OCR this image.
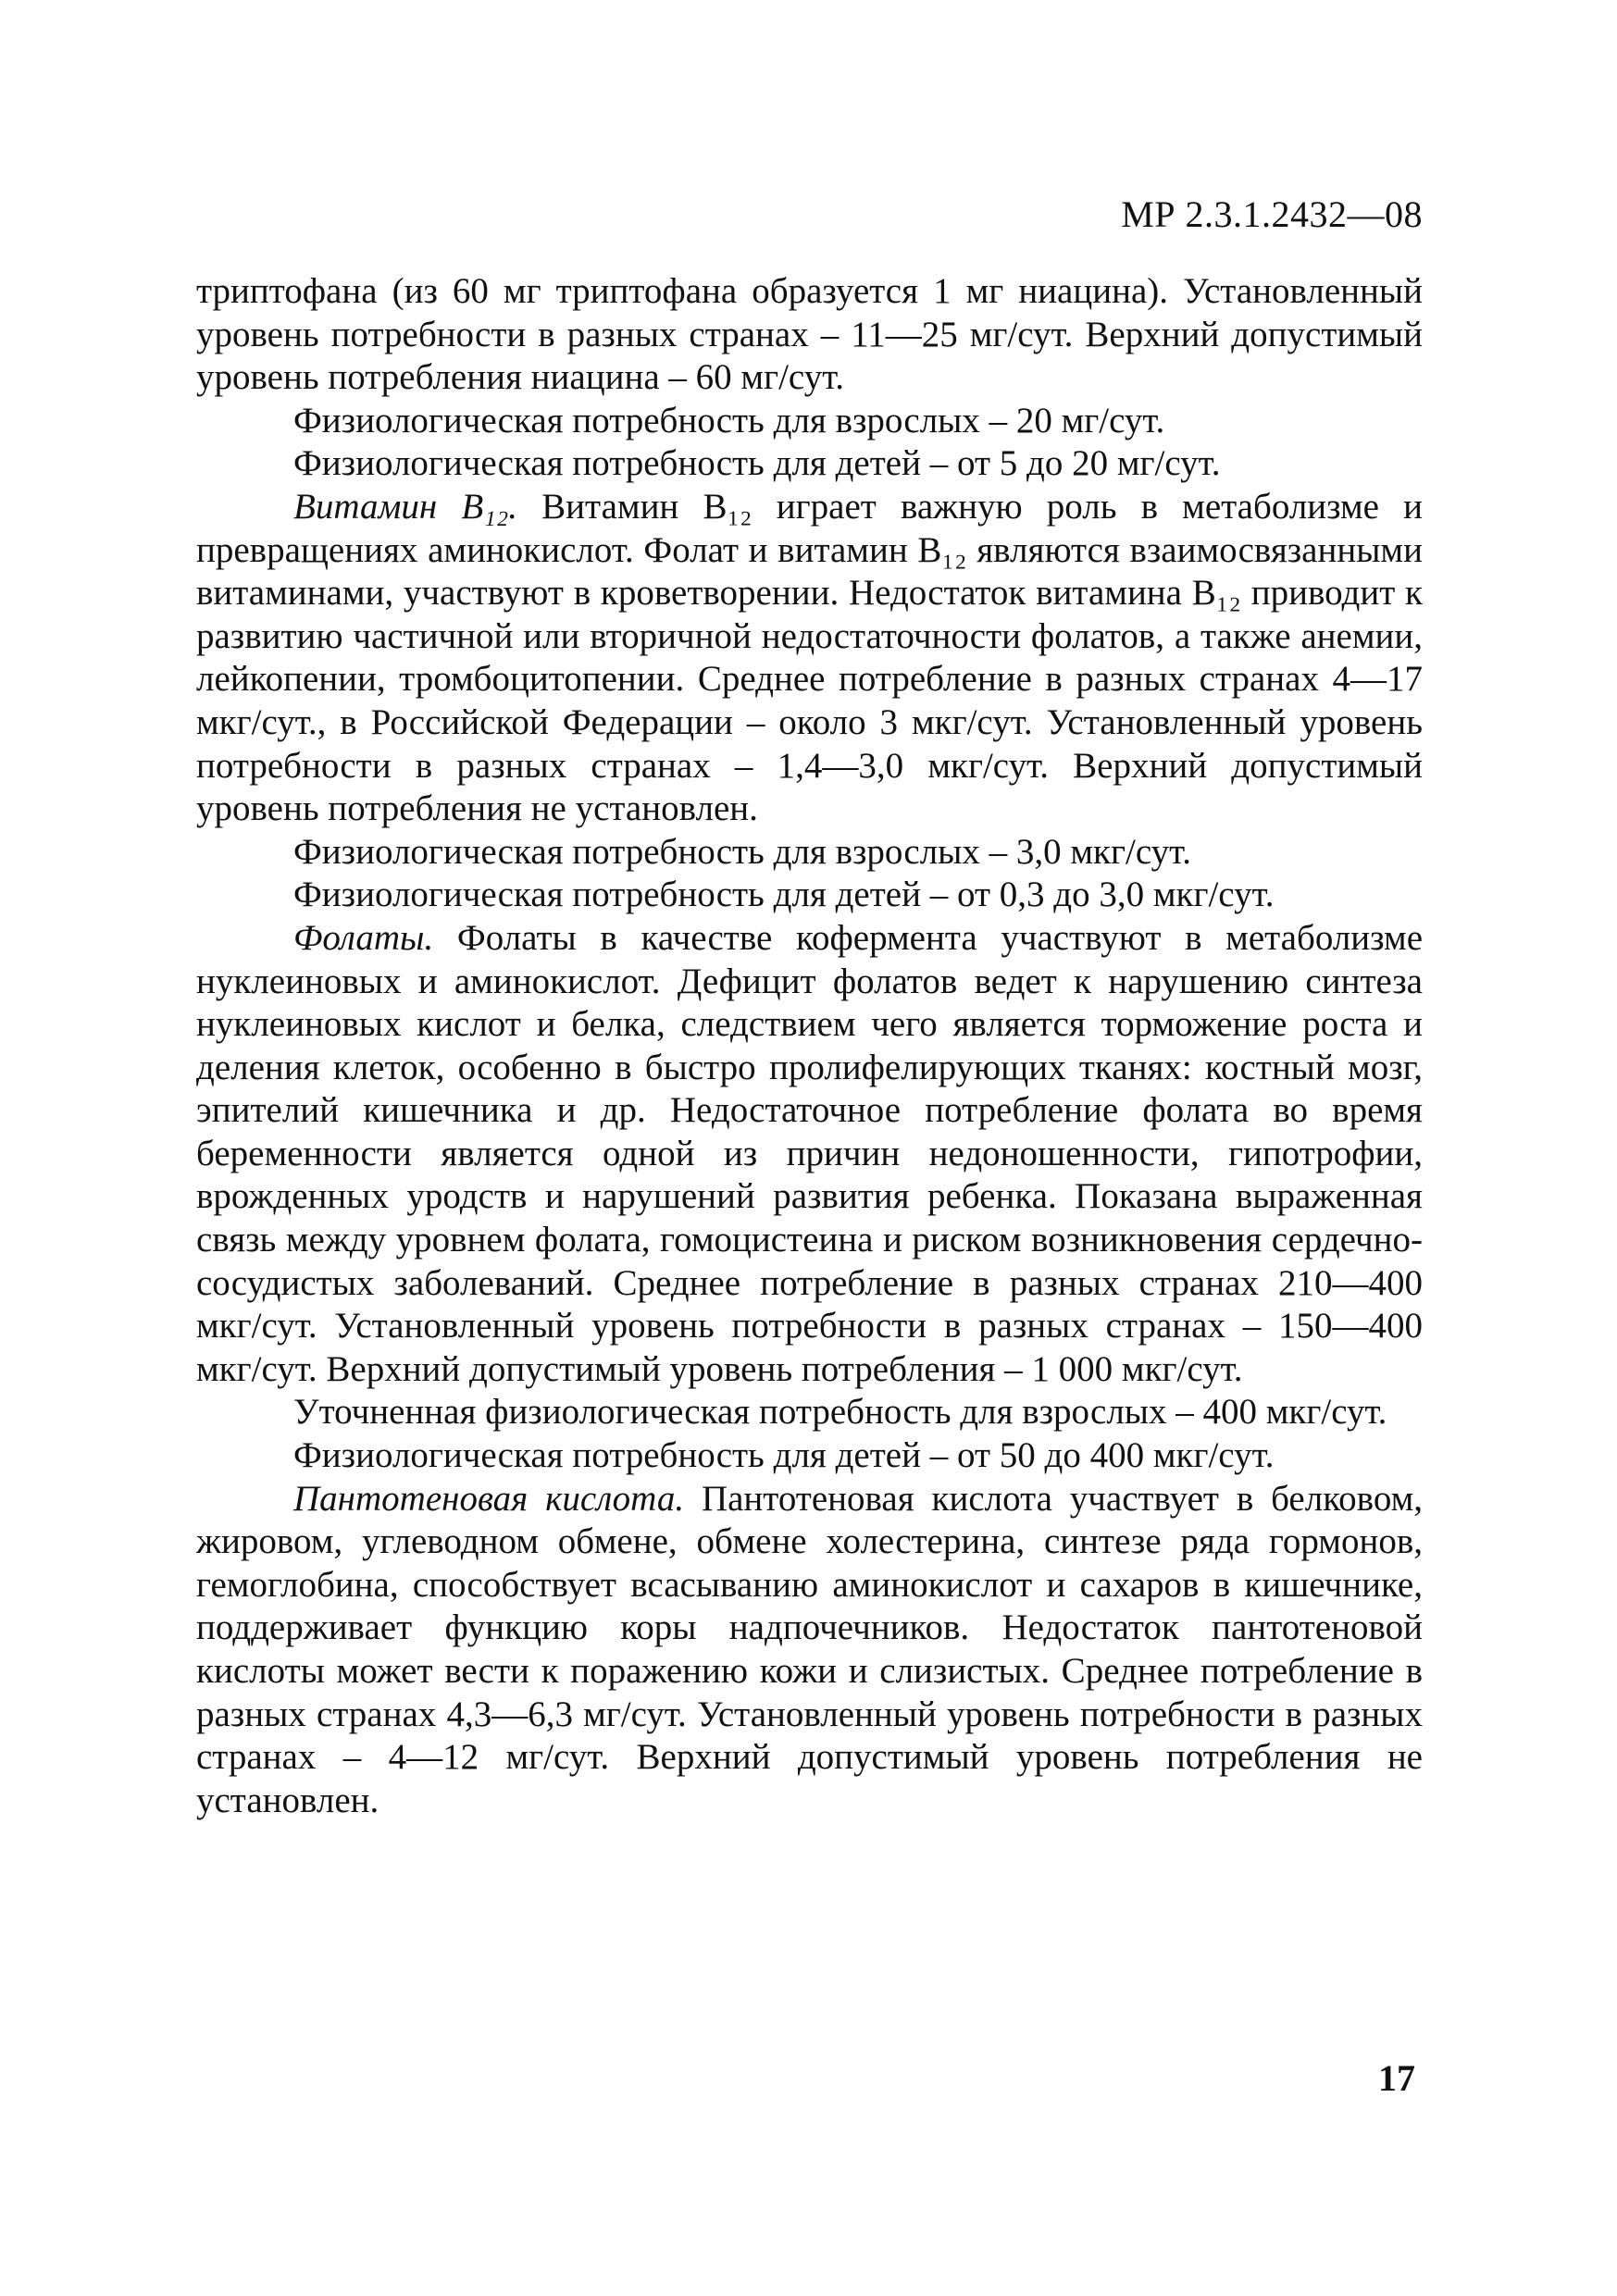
МР 2.3.1.2432—08

триптофана (из 60 мг триптофана образуется 1 мг ниацина). Установленный уровень потребности в разных странах – 11—25 мг/сут. Верхний допустимый уровень потребления ниацина – 60 мг/сут.

Физиологическая потребность для взрослых – 20 мг/сут.

Физиологическая потребность для детей – от 5 до 20 мг/сут.

Витамин B₁₂. Витамин B₁₂ играет важную роль в метаболизме и превращениях аминокислот. Фолат и витамин B₁₂ являются взаимосвязанными витаминами, участвуют в кроветворении. Недостаток витамина B₁₂ приводит к развитию частичной или вторичной недостаточности фолатов, а также анемии, лейкопении, тромбоцитопении. Среднее потребление в разных странах 4—17 мкг/сут., в Российской Федерации – около 3 мкг/сут. Установленный уровень потребности в разных странах – 1,4—3,0 мкг/сут. Верхний допустимый уровень потребления не установлен.

Физиологическая потребность для взрослых – 3,0 мкг/сут.

Физиологическая потребность для детей – от 0,3 до 3,0 мкг/сут.

Фолаты. Фолаты в качестве кофермента участвуют в метаболизме нуклеиновых и аминокислот. Дефицит фолатов ведет к нарушению синтеза нуклеиновых кислот и белка, следствием чего является торможение роста и деления клеток, особенно в быстро пролифелирующих тканях: костный мозг, эпителий кишечника и др. Недостаточное потребление фолата во время беременности является одной из причин недоношенности, гипотрофии, врожденных уродств и нарушений развития ребенка. Показана выраженная связь между уровнем фолата, гомоцистеина и риском возникновения сердечно-сосудистых заболеваний. Среднее потребление в разных странах 210—400 мкг/сут. Установленный уровень потребности в разных странах – 150—400 мкг/сут. Верхний допустимый уровень потребления – 1 000 мкг/сут.

Уточненная физиологическая потребность для взрослых – 400 мкг/сут.

Физиологическая потребность для детей – от 50 до 400 мкг/сут.

Пантотеновая кислота. Пантотеновая кислота участвует в белковом, жировом, углеводном обмене, обмене холестерина, синтезе ряда гормонов, гемоглобина, способствует всасыванию аминокислот и сахаров в кишечнике, поддерживает функцию коры надпочечников. Недостаток пантотеновой кислоты может вести к поражению кожи и слизистых. Среднее потребление в разных странах 4,3—6,3 мг/сут. Установленный уровень потребности в разных странах – 4—12 мг/сут. Верхний допустимый уровень потребления не установлен.

17
